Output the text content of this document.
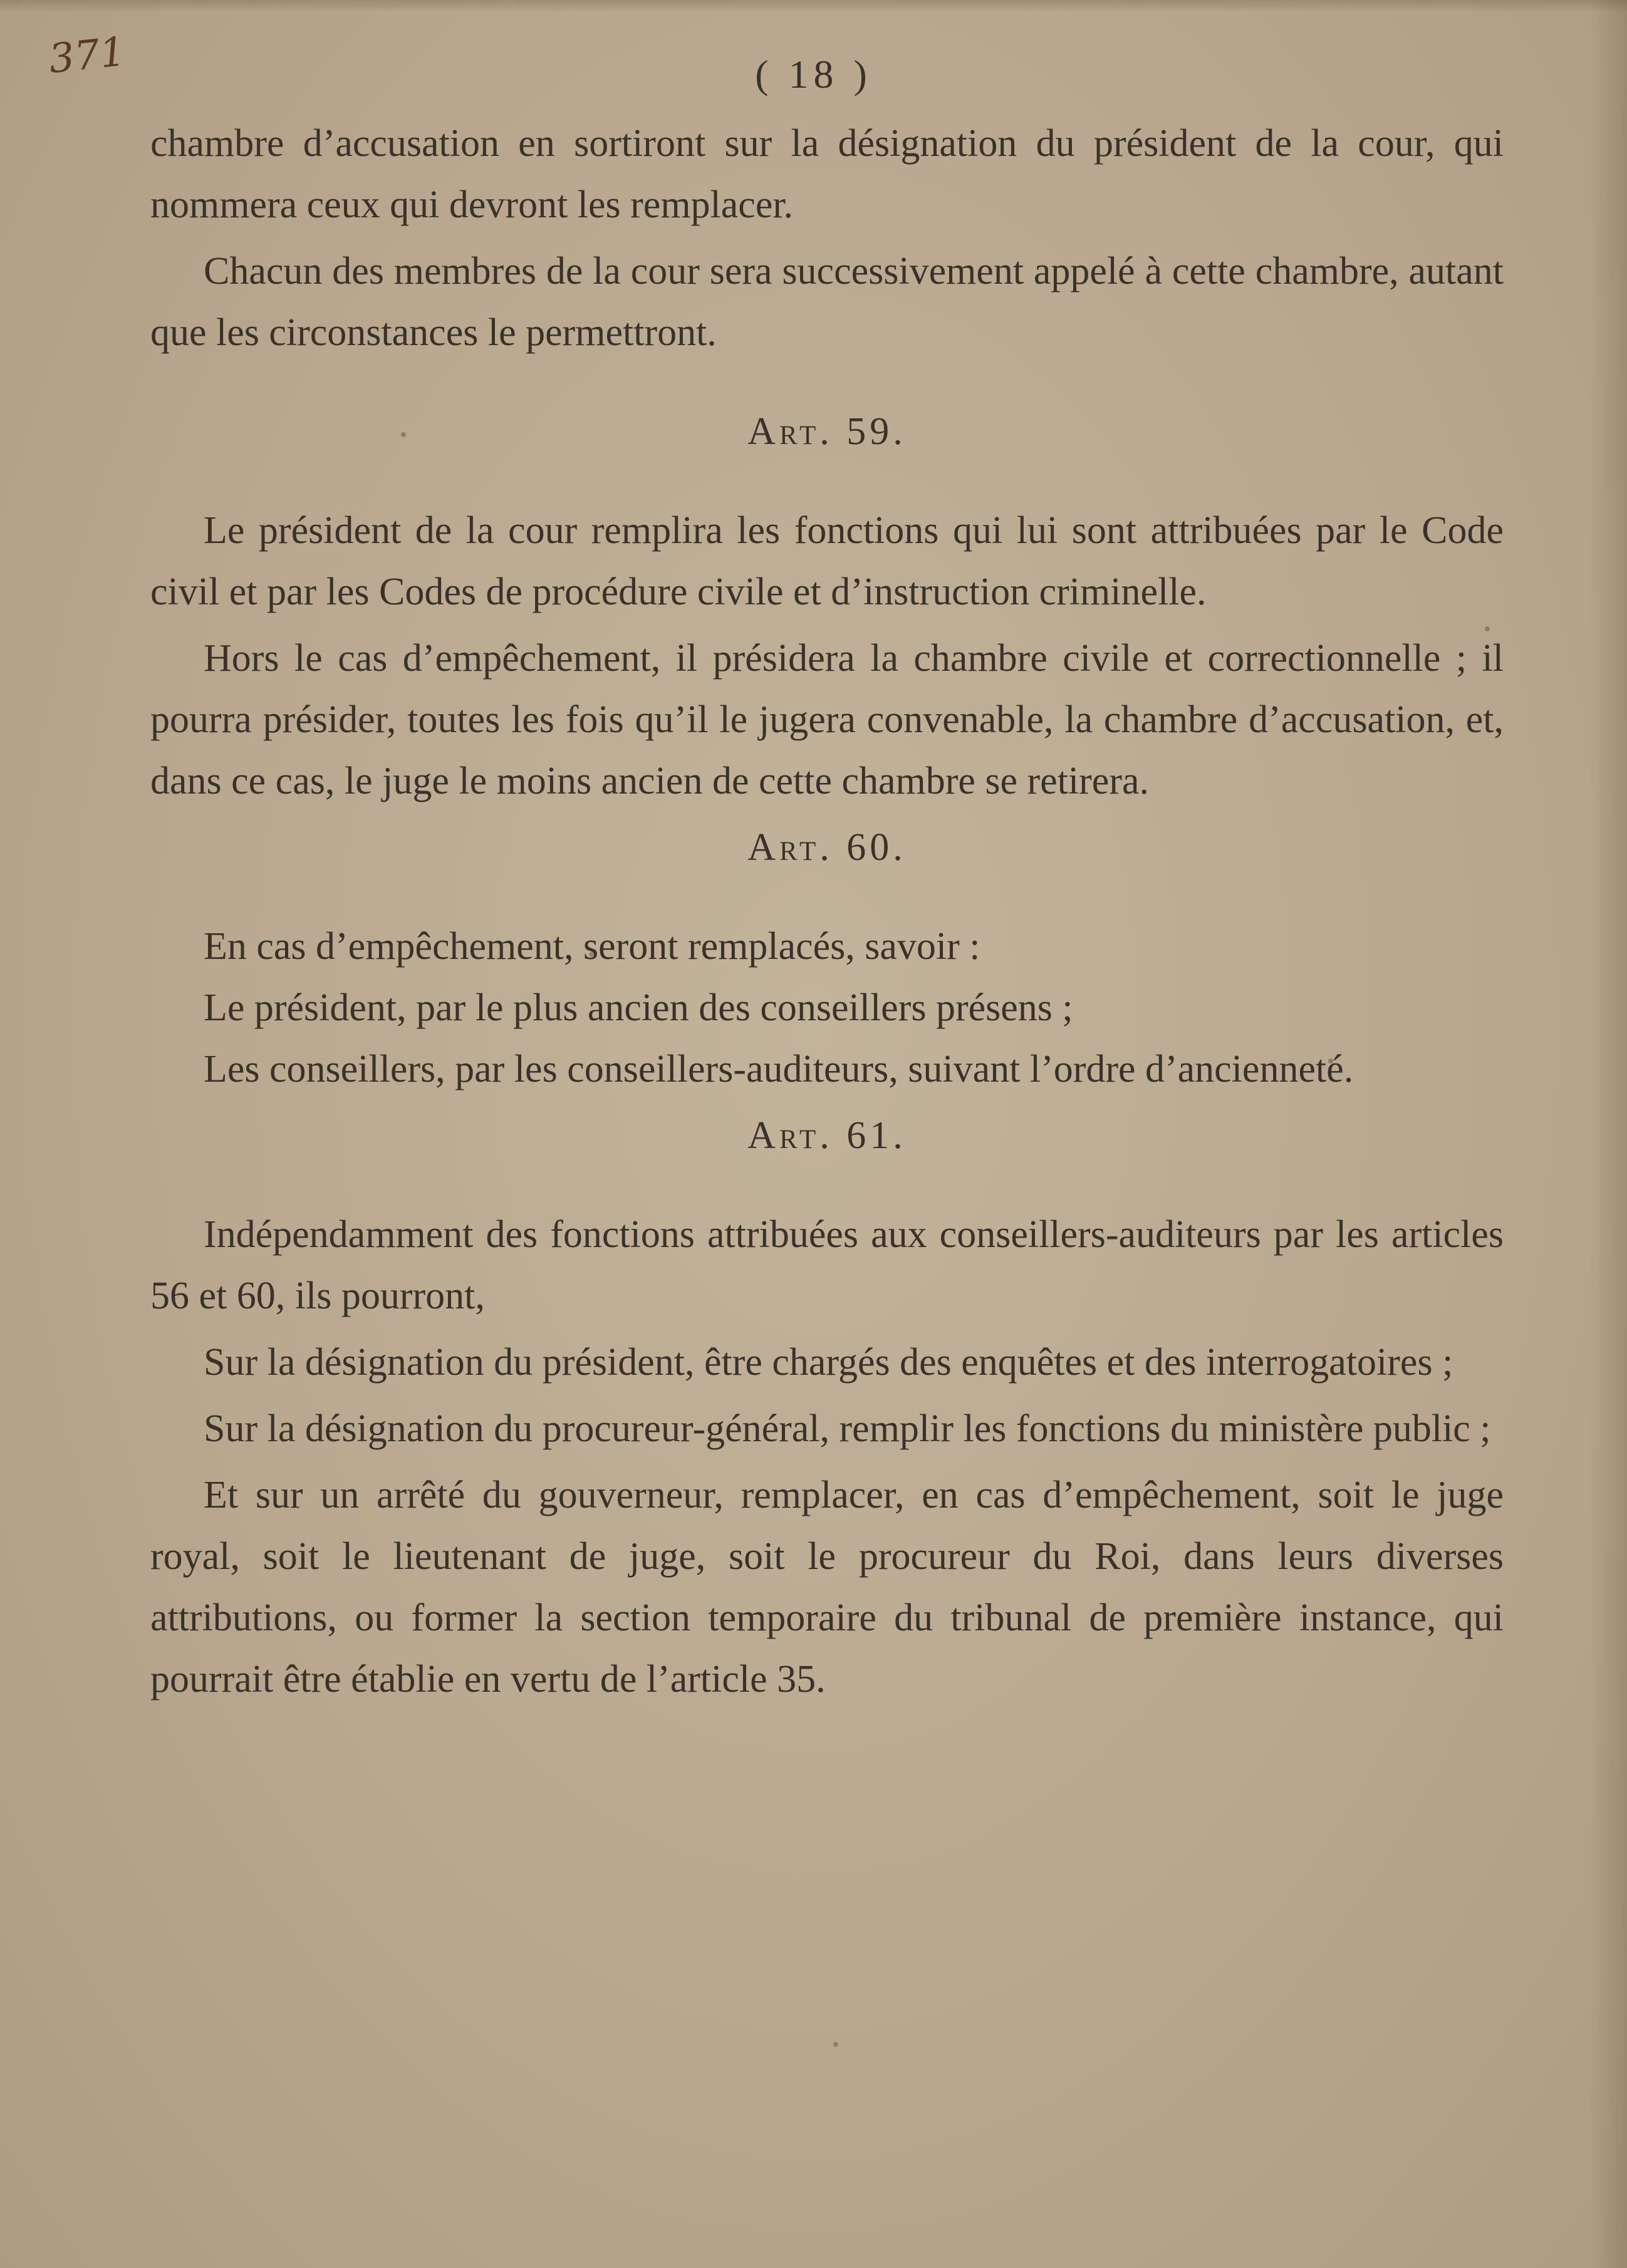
371	( 18 )

chambre d’accusation en sortiront sur la désignation du président de la cour, qui nommera ceux qui devront les remplacer.

Chacun des membres de la cour sera successivement appelé à cette chambre, autant que les circonstances le permettront.

Art. 59.

Le président de la cour remplira les fonctions qui lui sont attribuées par le Code civil et par les Codes de procédure civile et d’instruction criminelle.

Hors le cas d’empêchement, il présidera la chambre civile et correctionnelle ; il pourra présider, toutes les fois qu’il le jugera convenable, la chambre d’accusation, et, dans ce cas, le juge le moins ancien de cette chambre se retirera.

Art. 60.

En cas d’empêchement, seront remplacés, savoir :

Le président, par le plus ancien des conseillers présens ;

Les conseillers, par les conseillers-auditeurs, suivant l’ordre d’ancienneté.

Art. 61.

Indépendamment des fonctions attribuées aux conseillers-auditeurs par les articles 56 et 60, ils pourront,

Sur la désignation du président, être chargés des enquêtes et des interrogatoires ;

Sur la désignation du procureur-général, remplir les fonctions du ministère public ;

Et sur un arrêté du gouverneur, remplacer, en cas d’empêchement, soit le juge royal, soit le lieutenant de juge, soit le procureur du Roi, dans leurs diverses attributions, ou former la section temporaire du tribunal de première instance, qui pourrait être établie en vertu de l’article 35.
